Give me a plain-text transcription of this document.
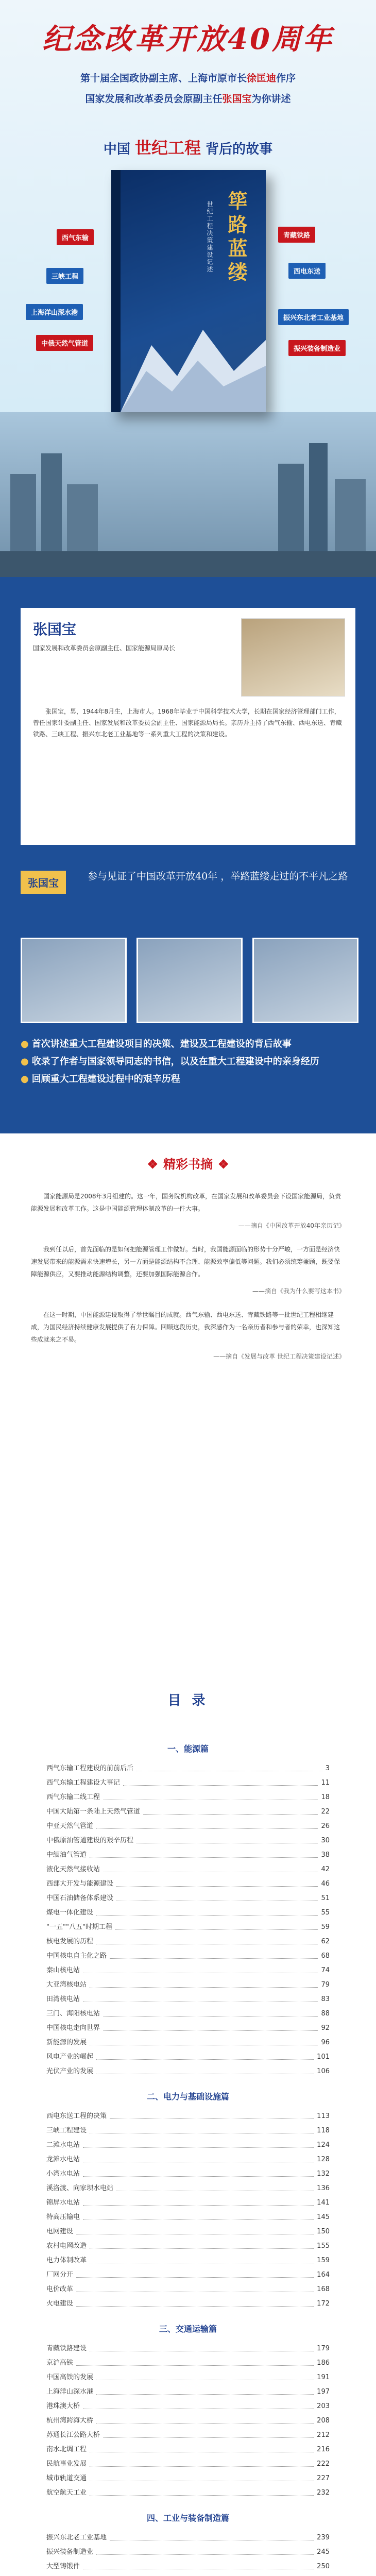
纪念改革开放40周年
第十届全国政协副主席、上海市原市长徐匡迪作序
国家发展和改革委员会原副主任张国宝为你讲述
中国 世纪工程 背后的故事
筚路蓝缕
世纪工程决策建设记述
西气东输
三峡工程
上海洋山深水港
中俄天然气管道
青藏铁路
西电东送
振兴东北老工业基地
振兴装备制造业
张国宝
国家发展和改革委员会原副主任、国家能源局原局长
张国宝，男，1944年8月生，上海市人。1968年毕业于中国科学技术大学，长期在国家经济管理部门工作，曾任国家计委副主任、国家发展和改革委员会副主任、国家能源局局长。亲历并主持了西气东输、西电东送、青藏铁路、三峡工程、振兴东北老工业基地等一系列重大工程的决策和建设。
张国宝
参与见证了中国改革开放40年 ，举路蓝缕走过的不平凡之路
● 首次讲述重大工程建设项目的决策、建设及工程建设的背后故事
● 收录了作者与国家领导同志的书信，以及在重大工程建设中的亲身经历
● 回顾重大工程建设过程中的艰辛历程
❖ 精彩书摘 ❖

国家能源局是2008年3月组建的。这一年，国务院机构改革，在国家发展和改革委员会下设国家能源局，负责能源发展和改革工作。这是中国能源管理体制改革的一件大事。

——摘自《中国改革开放40年亲历记》

我到任以后，首先面临的是如何把能源管理工作做好。当时，我国能源面临的形势十分严峻，一方面是经济快速发展带来的能源需求快速增长，另一方面是能源结构不合理、能源效率偏低等问题。我们必须统筹兼顾，既要保障能源供应，又要推动能源结构调整，还要加强国际能源合作。

——摘自《我为什么要写这本书》

在这一时期，中国能源建设取得了举世瞩目的成就。西气东输、西电东送、青藏铁路等一批世纪工程相继建成，为国民经济持续健康发展提供了有力保障。回顾这段历史，我深感作为一名亲历者和参与者的荣幸，也深知这些成就来之不易。

——摘自《发展与改革 世纪工程决策建设记述》

目 录
一、能源篇
西气东输工程建设的前前后后	3
西气东输工程建设大事记	11
西气东输二线工程	18
中国大陆第一条陆上天然气管道	22
中亚天然气管道	26
中俄原油管道建设的艰辛历程	30
中缅油气管道	38
液化天然气接收站	42
西部大开发与能源建设	46
中国石油储备体系建设	51
煤电一体化建设	55
"一五""八五"时期工程	59
核电发展的历程	62
中国核电自主化之路	68
秦山核电站	74
大亚湾核电站	79
田湾核电站	83
三门、海阳核电站	88
中国核电走向世界	92
新能源的发展	96
风电产业的崛起	101
光伏产业的发展	106
二、电力与基础设施篇
西电东送工程的决策	113
三峡工程建设	118
二滩水电站	124
龙滩水电站	128
小湾水电站	132
溪洛渡、向家坝水电站	136
锦屏水电站	141
特高压输电	145
电网建设	150
农村电网改造	155
电力体制改革	159
厂网分开	164
电价改革	168
火电建设	172
三、交通运输篇
青藏铁路建设	179
京沪高铁	186
中国高铁的发展	191
上海洋山深水港	197
港珠澳大桥	203
杭州湾跨海大桥	208
苏通长江公路大桥	212
南水北调工程	216
民航事业发展	222
城市轨道交通	227
航空航天工业	232
四、工业与装备制造篇
振兴东北老工业基地	239
振兴装备制造业	245
大型铸锻件	250
